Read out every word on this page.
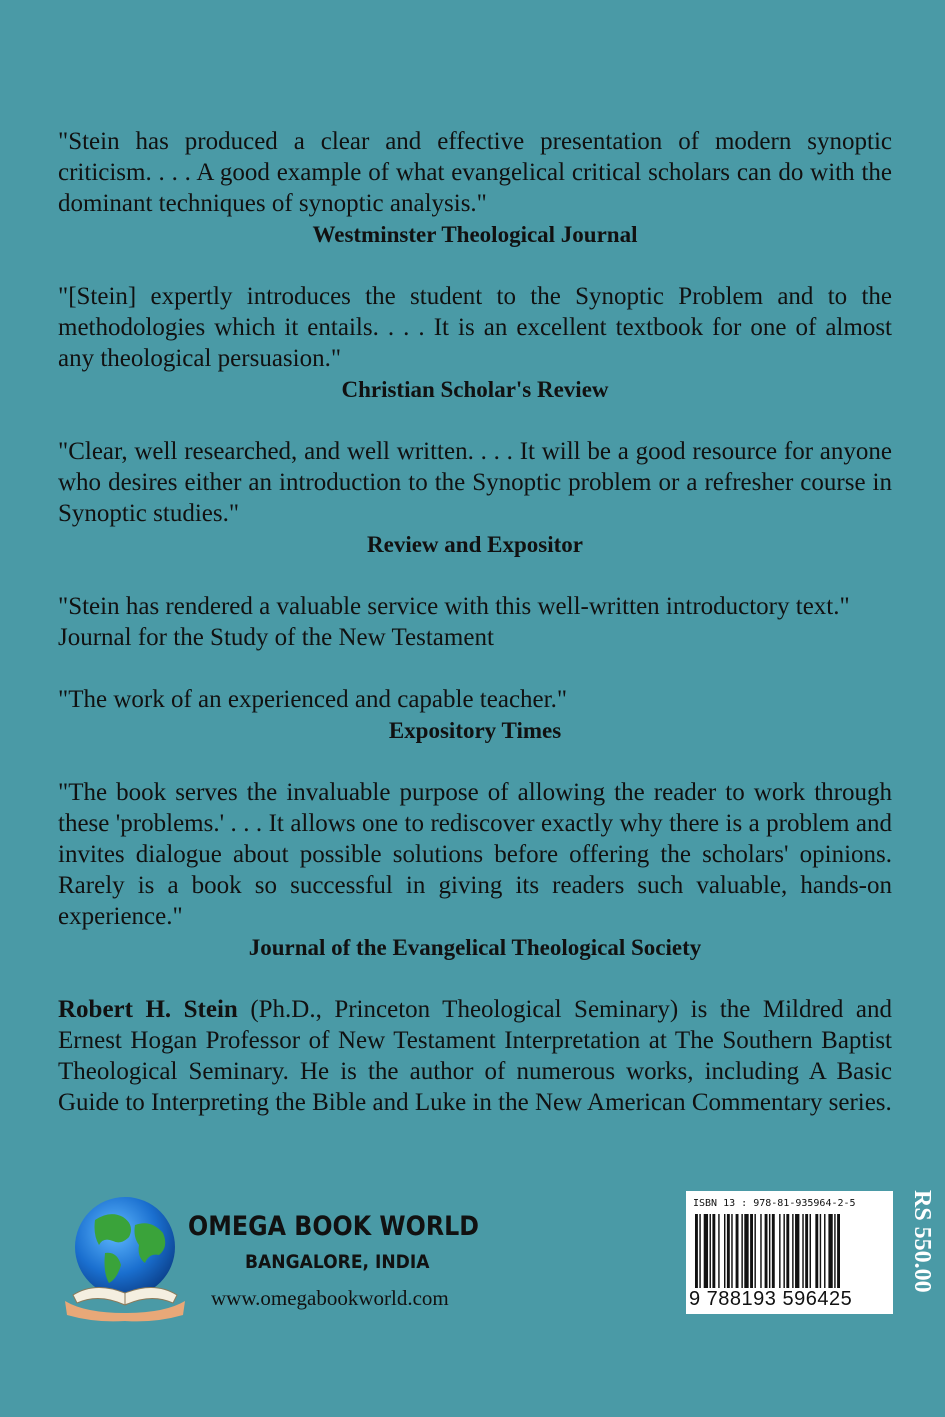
"Stein has produced a clear and effective presentation of modern synoptic criticism. . . . A good example of what evangelical critical scholars can do with the dominant techniques of synoptic analysis."

Westminster Theological Journal

"[Stein] expertly introduces the student to the Synoptic Problem and to the methodologies which it entails. . . . It is an excellent textbook for one of almost any theological persuasion."

Christian Scholar's Review

"Clear, well researched, and well written. . . . It will be a good resource for anyone who desires either an introduction to the Synoptic problem or a refresher course in Synoptic studies."

Review and Expositor

"Stein has rendered a valuable service with this well-written introductory text."

Journal for the Study of the New Testament

"The work of an experienced and capable teacher."

Expository Times

"The book serves the invaluable purpose of allowing the reader to work through these 'problems.' . . . It allows one to rediscover exactly why there is a problem and invites dialogue about possible solutions before offering the scholars' opinions. Rarely is a book so successful in giving its readers such valuable, hands-on experience."

Journal of the Evangelical Theological Society

Robert H. Stein (Ph.D., Princeton Theological Seminary) is the Mildred and Ernest Hogan Professor of New Testament Interpretation at The Southern Baptist Theological Seminary. He is the author of numerous works, including A Basic Guide to Interpreting the Bible and Luke in the New American Commentary series.

OMEGA BOOK WORLD
BANGALORE, INDIA
www.omegabookworld.com
ISBN 13 : 978-81-935964-2-5
9 788193 596425
RS 550.00
